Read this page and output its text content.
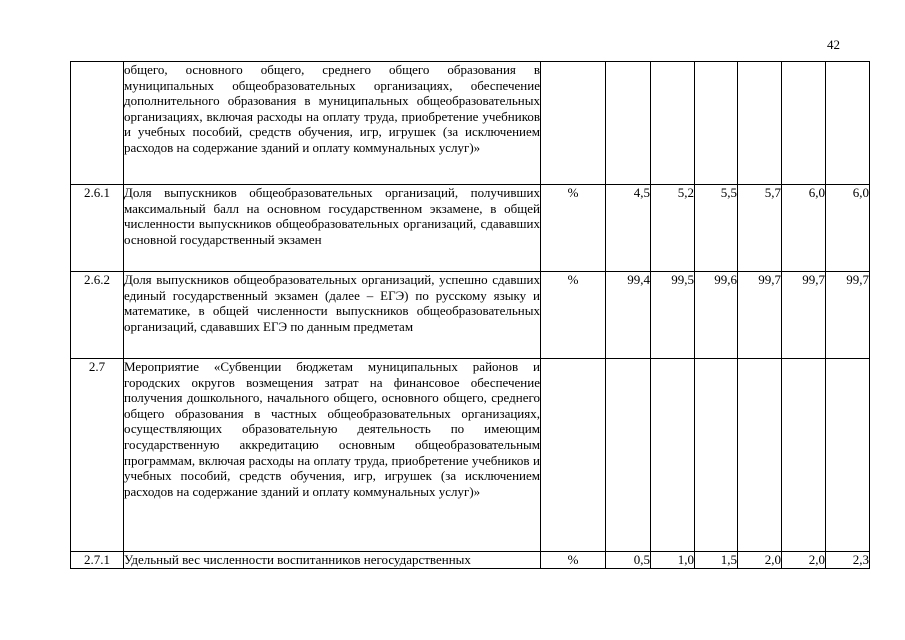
42
	общего, основного общего, среднего общего образования в муниципальных общеобразовательных организациях, обеспечение дополнительного образования в муниципальных общеобразовательных организациях, включая расходы на оплату труда, приобретение учебников и учебных пособий, средств обучения, игр, игрушек (за исключением расходов на содержание зданий и оплату коммунальных услуг)»							
2.6.1	Доля выпускников общеобразовательных организаций, получивших максимальный балл на основном государственном экзамене, в общей численности выпускников общеобразовательных организаций, сдававших основной государственный экзамен	%	4,5	5,2	5,5	5,7	6,0	6,0
2.6.2	Доля выпускников общеобразовательных организаций, успешно сдавших единый государственный экзамен (далее – ЕГЭ) по русскому языку и математике, в общей численности выпускников общеобразовательных организаций, сдававших ЕГЭ по данным предметам	%	99,4	99,5	99,6	99,7	99,7	99,7
2.7	Мероприятие «Субвенции бюджетам муниципальных районов и городских округов возмещения затрат на финансовое обеспечение получения дошкольного, начального общего, основного общего, среднего общего образования в частных общеобразовательных организациях, осуществляющих образовательную деятельность по имеющим государственную аккредитацию основным общеобразовательным программам, включая расходы на оплату труда, приобретение учебников и учебных пособий, средств обучения, игр, игрушек (за исключением расходов на содержание зданий и оплату коммунальных услуг)»							
2.7.1	Удельный вес численности воспитанников негосударственных	%	0,5	1,0	1,5	2,0	2,0	2,3
